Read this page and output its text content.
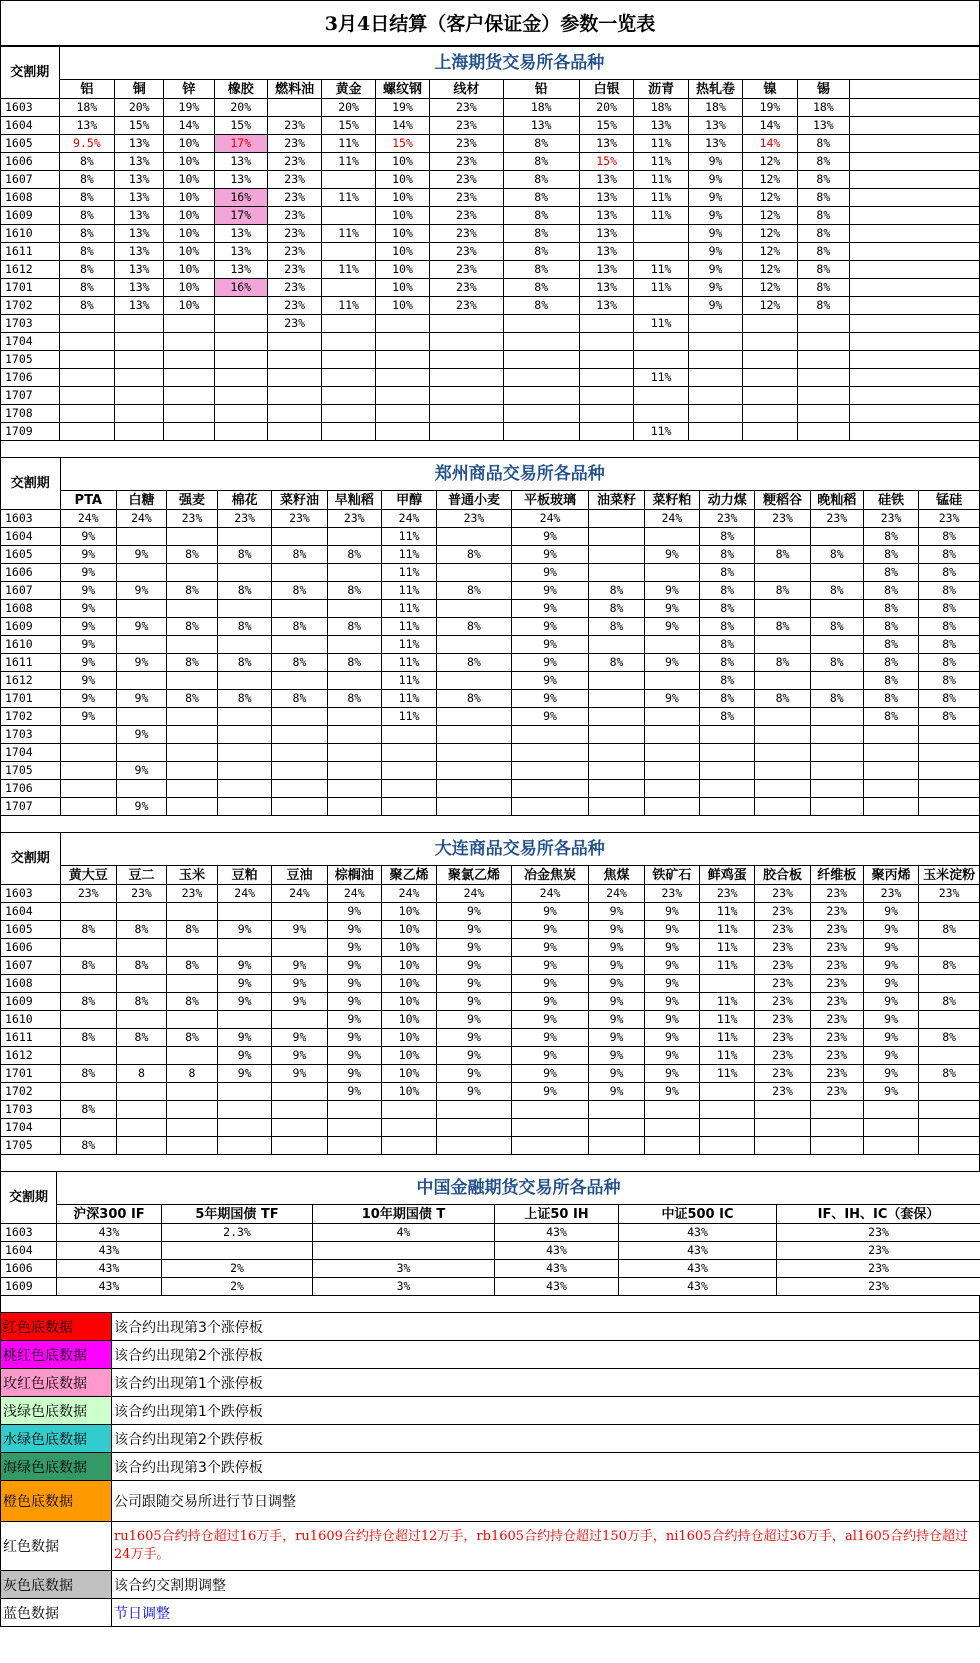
3月4日结算（客户保证金）参数一览表
交割期	上海期货交易所各品种														
	铝	铜	锌	橡胶	燃料油	黄金	螺纹钢	线材	铅	白银	沥青	热轧卷	镍	锡	
1603	18%	20%	19%	20%		20%	19%	23%	18%	20%	18%	18%	19%	18%	
1604	13%	15%	14%	15%	23%	15%	14%	23%	13%	15%	13%	13%	14%	13%	
1605	9.5%	13%	10%	17%	23%	11%	15%	23%	8%	13%	11%	13%	14%	8%	
1606	8%	13%	10%	13%	23%	11%	10%	23%	8%	15%	11%	9%	12%	8%	
1607	8%	13%	10%	13%	23%		10%	23%	8%	13%	11%	9%	12%	8%	
1608	8%	13%	10%	16%	23%	11%	10%	23%	8%	13%	11%	9%	12%	8%	
1609	8%	13%	10%	17%	23%		10%	23%	8%	13%	11%	9%	12%	8%	
1610	8%	13%	10%	13%	23%	11%	10%	23%	8%	13%		9%	12%	8%	
1611	8%	13%	10%	13%	23%		10%	23%	8%	13%		9%	12%	8%	
1612	8%	13%	10%	13%	23%	11%	10%	23%	8%	13%	11%	9%	12%	8%	
1701	8%	13%	10%	16%	23%		10%	23%	8%	13%	11%	9%	12%	8%	
1702	8%	13%	10%		23%	11%	10%	23%	8%	13%		9%	12%	8%	
1703					23%						11%				
1704															
1705															
1706											11%				
1707															
1708															
1709											11%				
交割期	郑州商品交易所各品种															
	PTA	白糖	强麦	棉花	菜籽油	早籼稻	甲醇	普通小麦	平板玻璃	油菜籽	菜籽粕	动力煤	粳稻谷	晚籼稻	硅铁	锰硅
1603	24%	24%	23%	23%	23%	23%	24%	23%	24%		24%	23%	23%	23%	23%	23%
1604	9%						11%		9%			8%			8%	8%
1605	9%	9%	8%	8%	8%	8%	11%	8%	9%		9%	8%	8%	8%	8%	8%
1606	9%						11%		9%			8%			8%	8%
1607	9%	9%	8%	8%	8%	8%	11%	8%	9%	8%	9%	8%	8%	8%	8%	8%
1608	9%						11%		9%	8%	9%	8%			8%	8%
1609	9%	9%	8%	8%	8%	8%	11%	8%	9%	8%	9%	8%	8%	8%	8%	8%
1610	9%						11%		9%			8%			8%	8%
1611	9%	9%	8%	8%	8%	8%	11%	8%	9%	8%	9%	8%	8%	8%	8%	8%
1612	9%						11%		9%			8%			8%	8%
1701	9%	9%	8%	8%	8%	8%	11%	8%	9%		9%	8%	8%	8%	8%	8%
1702	9%						11%		9%			8%			8%	8%
1703		9%														
1704																
1705		9%														
1706																
1707		9%														
交割期	大连商品交易所各品种															
	黄大豆	豆二	玉米	豆粕	豆油	棕榈油	聚乙烯	聚氯乙烯	冶金焦炭	焦煤	铁矿石	鲜鸡蛋	胶合板	纤维板	聚丙烯	玉米淀粉
1603	23%	23%	23%	24%	24%	24%	24%	24%	24%	24%	23%	23%	23%	23%	23%	23%
1604						9%	10%	9%	9%	9%	9%	11%	23%	23%	9%	
1605	8%	8%	8%	9%	9%	9%	10%	9%	9%	9%	9%	11%	23%	23%	9%	8%
1606						9%	10%	9%	9%	9%	9%	11%	23%	23%	9%	
1607	8%	8%	8%	9%	9%	9%	10%	9%	9%	9%	9%	11%	23%	23%	9%	8%
1608				9%	9%	9%	10%	9%	9%	9%	9%		23%	23%	9%	
1609	8%	8%	8%	9%	9%	9%	10%	9%	9%	9%	9%	11%	23%	23%	9%	8%
1610						9%	10%	9%	9%	9%	9%	11%	23%	23%	9%	
1611	8%	8%	8%	9%	9%	9%	10%	9%	9%	9%	9%	11%	23%	23%	9%	8%
1612				9%	9%	9%	10%	9%	9%	9%	9%	11%	23%	23%	9%	
1701	8%	8	8	9%	9%	9%	10%	9%	9%	9%	9%	11%	23%	23%	9%	8%
1702						9%	10%	9%	9%	9%	9%		23%	23%	9%	
1703	8%															
1704																
1705	8%															
交割期	中国金融期货交易所各品种					
	沪深300 IF	5年期国债 TF	10年期国债 T	上证50 IH	中证500 IC	IF、IH、IC（套保）
1603	43%	2.3%	4%	43%	43%	23%
1604	43%			43%	43%	23%
1606	43%	2%	3%	43%	43%	23%
1609	43%	2%	3%	43%	43%	23%
红色底数据	该合约出现第3个涨停板
桃红色底数据	该合约出现第2个涨停板
玫红色底数据	该合约出现第1个涨停板
浅绿色底数据	该合约出现第1个跌停板
水绿色底数据	该合约出现第2个跌停板
海绿色底数据	该合约出现第3个跌停板
橙色底数据	公司跟随交易所进行节日调整
红色数据	ru1605合约持仓超过16万手，ru1609合约持仓超过12万手，rb1605合约持仓超过150万手，ni1605合约持仓超过36万手，al1605合约持仓超过24万手。
灰色底数据	该合约交割期调整
蓝色数据	节日调整
